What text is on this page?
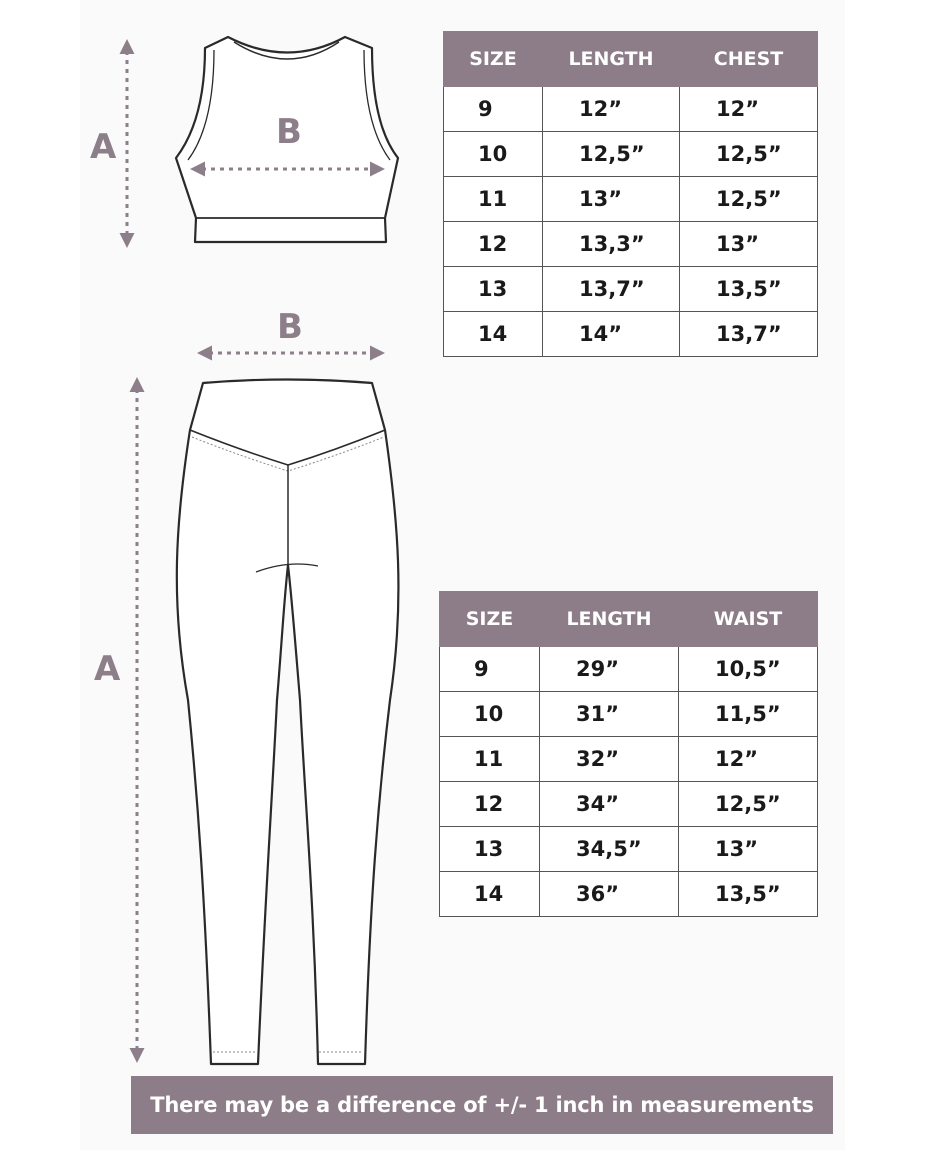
A	B
B
A
SIZE	LENGTH	CHEST
9	12”	12”
10	12,5”	12,5”
11	13”	12,5”
12	13,3”	13”
13	13,7”	13,5”
14	14”	13,7”
SIZE	LENGTH	WAIST
9	29”	10,5”
10	31”	11,5”
11	32”	12”
12	34”	12,5”
13	34,5”	13”
14	36”	13,5”
There may be a difference of +/- 1 inch in measurements
